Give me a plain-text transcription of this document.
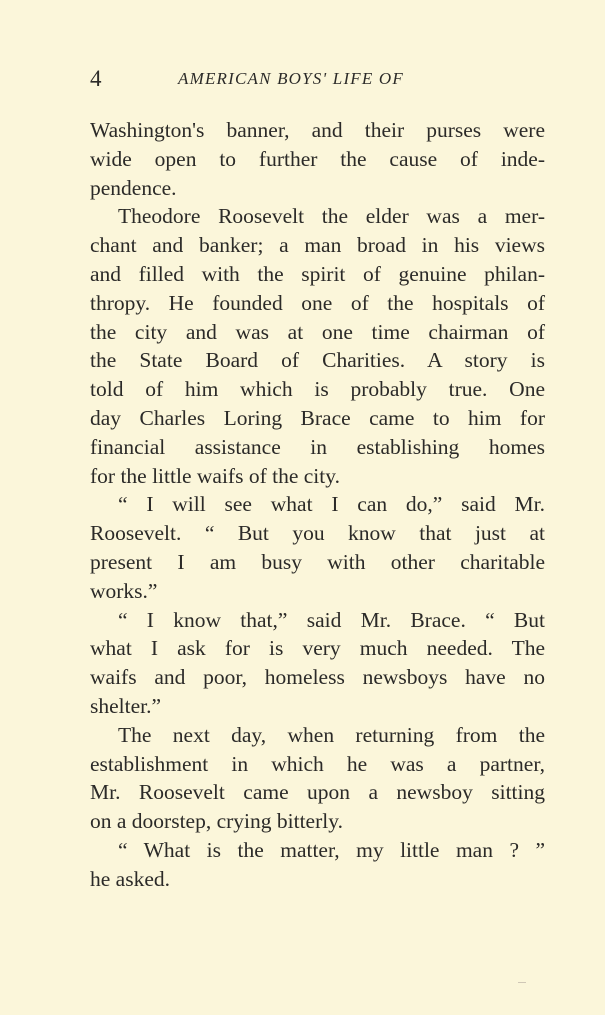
4	AMERICAN BOYS' LIFE OF
Washington's banner, and their purses were
wide open to further the cause of inde-
pendence.
Theodore Roosevelt the elder was a mer-
chant and banker; a man broad in his views
and filled with the spirit of genuine philan-
thropy. He founded one of the hospitals of
the city and was at one time chairman of
the State Board of Charities. A story is
told of him which is probably true. One
day Charles Loring Brace came to him for
financial assistance in establishing homes
for the little waifs of the city.
“ I will see what I can do,” said Mr.
Roosevelt. “ But you know that just at
present I am busy with other charitable
works.”
“ I know that,” said Mr. Brace. “ But
what I ask for is very much needed. The
waifs and poor, homeless newsboys have no
shelter.”
The next day, when returning from the
establishment in which he was a partner,
Mr. Roosevelt came upon a newsboy sitting
on a doorstep, crying bitterly.
“ What is the matter, my little man ? ”
he asked.
